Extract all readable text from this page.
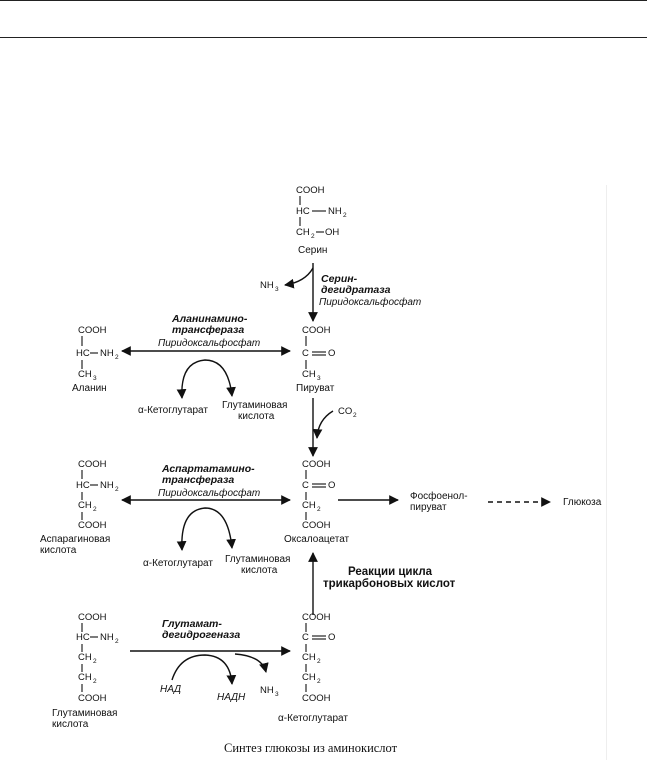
COOH
HC NH 2
CH 2 OH
Серин
NH 3
Серин-
дегидратаза
Пиридоксальфосфат
COOH
HC NH 2
CH 3
Аланин
Аланинамино-
трансфераза
Пиридоксальфосфат
α-Кетоглутарат Глутаминовая
кислота
COOH
C O
CH 3
Пируват
CO 2
COOH
HC NH 2
CH 2
COOH
Аспарагиновая
кислота
Аспартатамино-
трансфераза
Пиридоксальфосфат
α-Кетоглутарат Глутаминовая
кислота
COOH
C O
CH 2
COOH
Оксалоацетат
Фосфоенол-
пируват	Глюкоза
Реакции цикла
трикарбоновых кислот
COOH
HC NH 2
CH 2
CH 2
COOH
Глутаминовая
кислота
Глутамат-
дегидрогеназа
НАД
НАДН
NH 3
COOH
C O
CH 2
CH 2
COOH
α-Кетоглутарат
Синтез глюкозы из аминокислот
